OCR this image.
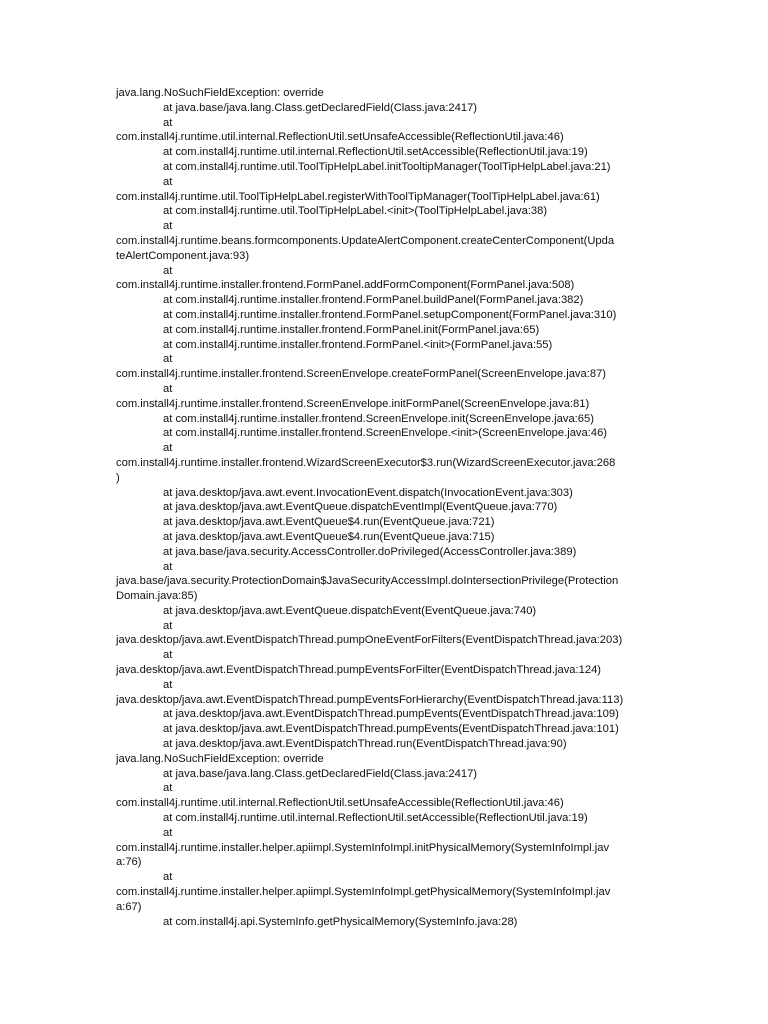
java.lang.NoSuchFieldException: override
at java.base/java.lang.Class.getDeclaredField(Class.java:2417)
at
com.install4j.runtime.util.internal.ReflectionUtil.setUnsafeAccessible(ReflectionUtil.java:46)
at com.install4j.runtime.util.internal.ReflectionUtil.setAccessible(ReflectionUtil.java:19)
at com.install4j.runtime.util.ToolTipHelpLabel.initTooltipManager(ToolTipHelpLabel.java:21)
at
com.install4j.runtime.util.ToolTipHelpLabel.registerWithToolTipManager(ToolTipHelpLabel.java:61)
at com.install4j.runtime.util.ToolTipHelpLabel.<init>(ToolTipHelpLabel.java:38)
at
com.install4j.runtime.beans.formcomponents.UpdateAlertComponent.createCenterComponent(Upda
teAlertComponent.java:93)
at
com.install4j.runtime.installer.frontend.FormPanel.addFormComponent(FormPanel.java:508)
at com.install4j.runtime.installer.frontend.FormPanel.buildPanel(FormPanel.java:382)
at com.install4j.runtime.installer.frontend.FormPanel.setupComponent(FormPanel.java:310)
at com.install4j.runtime.installer.frontend.FormPanel.init(FormPanel.java:65)
at com.install4j.runtime.installer.frontend.FormPanel.<init>(FormPanel.java:55)
at
com.install4j.runtime.installer.frontend.ScreenEnvelope.createFormPanel(ScreenEnvelope.java:87)
at
com.install4j.runtime.installer.frontend.ScreenEnvelope.initFormPanel(ScreenEnvelope.java:81)
at com.install4j.runtime.installer.frontend.ScreenEnvelope.init(ScreenEnvelope.java:65)
at com.install4j.runtime.installer.frontend.ScreenEnvelope.<init>(ScreenEnvelope.java:46)
at
com.install4j.runtime.installer.frontend.WizardScreenExecutor$3.run(WizardScreenExecutor.java:268
)
at java.desktop/java.awt.event.InvocationEvent.dispatch(InvocationEvent.java:303)
at java.desktop/java.awt.EventQueue.dispatchEventImpl(EventQueue.java:770)
at java.desktop/java.awt.EventQueue$4.run(EventQueue.java:721)
at java.desktop/java.awt.EventQueue$4.run(EventQueue.java:715)
at java.base/java.security.AccessController.doPrivileged(AccessController.java:389)
at
java.base/java.security.ProtectionDomain$JavaSecurityAccessImpl.doIntersectionPrivilege(Protection
Domain.java:85)
at java.desktop/java.awt.EventQueue.dispatchEvent(EventQueue.java:740)
at
java.desktop/java.awt.EventDispatchThread.pumpOneEventForFilters(EventDispatchThread.java:203)
at
java.desktop/java.awt.EventDispatchThread.pumpEventsForFilter(EventDispatchThread.java:124)
at
java.desktop/java.awt.EventDispatchThread.pumpEventsForHierarchy(EventDispatchThread.java:113)
at java.desktop/java.awt.EventDispatchThread.pumpEvents(EventDispatchThread.java:109)
at java.desktop/java.awt.EventDispatchThread.pumpEvents(EventDispatchThread.java:101)
at java.desktop/java.awt.EventDispatchThread.run(EventDispatchThread.java:90)
java.lang.NoSuchFieldException: override
at java.base/java.lang.Class.getDeclaredField(Class.java:2417)
at
com.install4j.runtime.util.internal.ReflectionUtil.setUnsafeAccessible(ReflectionUtil.java:46)
at com.install4j.runtime.util.internal.ReflectionUtil.setAccessible(ReflectionUtil.java:19)
at
com.install4j.runtime.installer.helper.apiimpl.SystemInfoImpl.initPhysicalMemory(SystemInfoImpl.jav
a:76)
at
com.install4j.runtime.installer.helper.apiimpl.SystemInfoImpl.getPhysicalMemory(SystemInfoImpl.jav
a:67)
at com.install4j.api.SystemInfo.getPhysicalMemory(SystemInfo.java:28)
